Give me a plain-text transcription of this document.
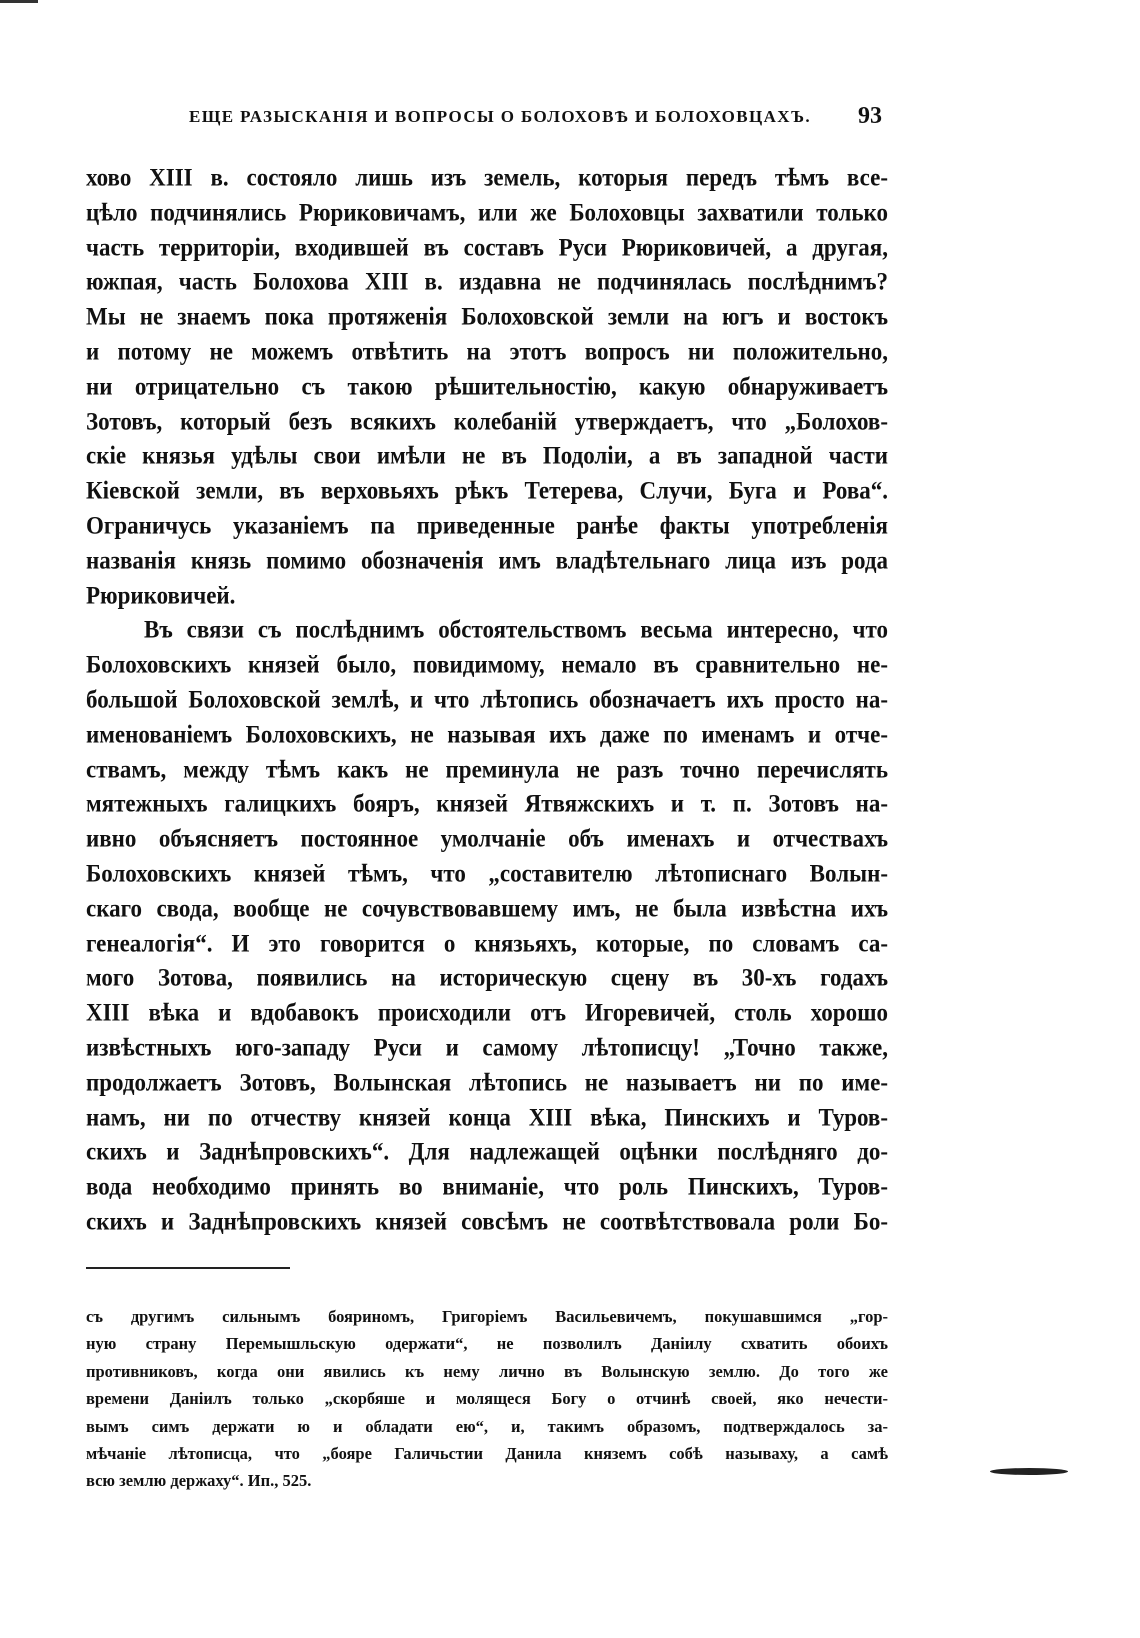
ЕЩЕ РАЗЫСКАНІЯ И ВОПРОСЫ О БОЛОХОВѢ И БОЛОХОВЦАХЪ.	93
хово XIII в. состояло лишь изъ земель, которыя передъ тѣмъ все-
цѣло подчинялись Рюриковичамъ, или же Болоховцы захватили только
часть территоріи, входившей въ составъ Руси Рюриковичей, а другая,
южпая, часть Болохова XIII в. издавна не подчинялась послѣднимъ?
Мы не знаемъ пока протяженія Болоховской земли на югъ и востокъ
и потому не можемъ отвѣтить на этотъ вопросъ ни положительно,
ни отрицательно съ такою рѣшительностію, какую обнаруживаетъ
Зотовъ, который безъ всякихъ колебаній утверждаетъ, что „Болохов-
скіе князья удѣлы свои имѣли не въ Подоліи, а въ западной части
Кіевской земли, въ верховьяхъ рѣкъ Тетерева, Случи, Буга и Рова“.
Ограничусь указаніемъ па приведенные ранѣе факты употребленія
названія князь помимо обозначенія имъ владѣтельнаго лица изъ рода
Рюриковичей.
Въ связи съ послѣднимъ обстоятельствомъ весьма интересно, что
Болоховскихъ князей было, повидимому, немало въ сравнительно не-
большой Болоховской землѣ, и что лѣтопись обозначаетъ ихъ просто на-
именованіемъ Болоховскихъ, не называя ихъ даже по именамъ и отче-
ствамъ, между тѣмъ какъ не преминула не разъ точно перечислять
мятежныхъ галицкихъ бояръ, князей Ятвяжскихъ и т. п. Зотовъ на-
ивно объясняетъ постоянное умолчаніе объ именахъ и отчествахъ
Болоховскихъ князей тѣмъ, что „составителю лѣтописнаго Волын-
скаго свода, вообще не сочувствовавшему имъ, не была извѣстна ихъ
генеалогія“. И это говорится о князьяхъ, которые, по словамъ са-
мого Зотова, появились на историческую сцену въ 30-хъ годахъ
XIII вѣка и вдобавокъ происходили отъ Игоревичей, столь хорошо
извѣстныхъ юго-западу Руси и самому лѣтописцу! „Точно также,
продолжаетъ Зотовъ, Волынская лѣтопись не называетъ ни по име-
намъ, ни по отчеству князей конца XIII вѣка, Пинскихъ и Туров-
скихъ и Заднѣпровскихъ“. Для надлежащей оцѣнки послѣдняго до-
вода необходимо принять во вниманіе, что роль Пинскихъ, Туров-
скихъ и Заднѣпровскихъ князей совсѣмъ не соотвѣтствовала роли Бо-
съ другимъ сильнымъ бояриномъ, Григоріемъ Васильевичемъ, покушавшимся „гор-
ную страну Перемышльскую одержати“, не позволилъ Даніилу схватить обоихъ
противниковъ, когда они явились къ нему лично въ Волынскую землю. До того же
времени Даніилъ только „скорбяше и молящеся Богу о отчинѣ своей, яко нечести-
вымъ симъ держати ю и обладати ею“, и, такимъ образомъ, подтверждалось за-
мѣчаніе лѣтописца, что „бояре Галичьстии Данила княземъ собѣ называху, а самѣ
всю землю держаху“. Ип., 525.
